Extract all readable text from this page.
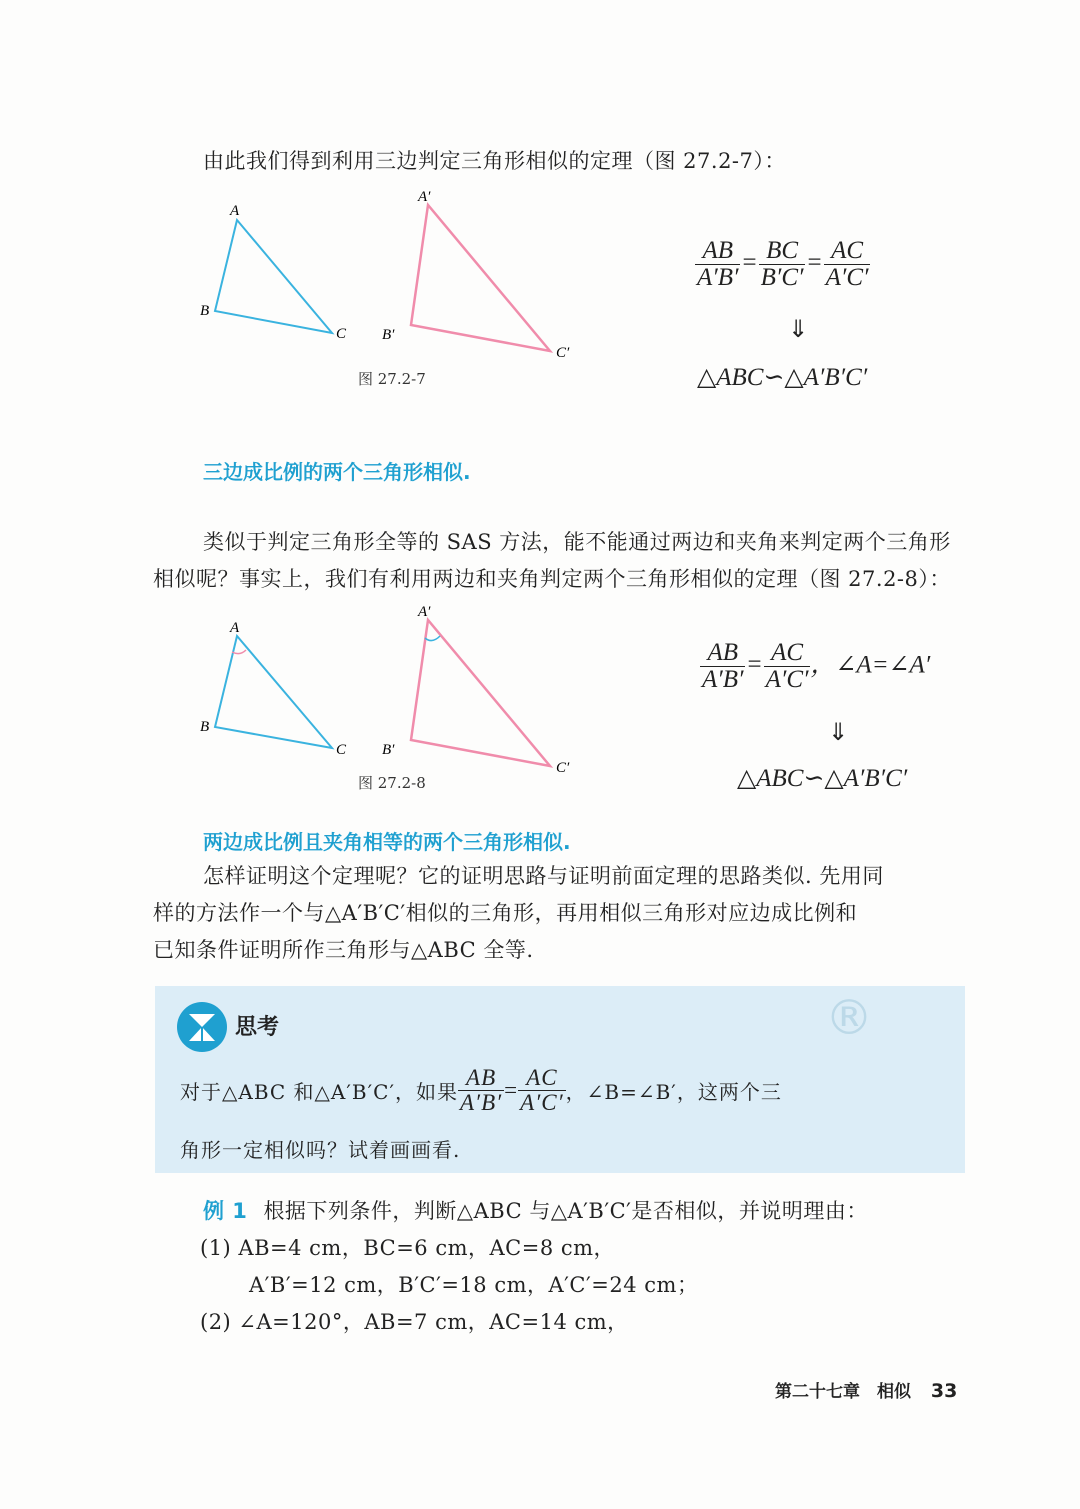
由此我们得到利用三边判定三角形相似的定理（图 27.2-7）：
A
B
C
A′
B′
C′
图 27.2-7
$\frac{AB}{A'B'} = \frac{BC}{B'C'} = \frac{AC}{A'C'}$
⇓
△ABC∽△A′B′C′
三边成比例的两个三角形相似.
类似于判定三角形全等的 SAS 方法，能不能通过两边和夹角来判定两个三角形
相似呢？事实上，我们有利用两边和夹角判定两个三角形相似的定理（图 27.2-8）：
A
B
C
A′
B′
C′
图 27.2-8
$\frac{AB}{A'B'} = \frac{AC}{A'C'}$ ，∠A=∠A′
⇓
△ABC∽△A′B′C′
两边成比例且夹角相等的两个三角形相似.
怎样证明这个定理呢？它的证明思路与证明前面定理的思路类似. 先用同
样的方法作一个与△A′B′C′相似的三角形，再用相似三角形对应边成比例和
已知条件证明所作三角形与△ABC 全等.
®
思考
对于△ABC 和△A′B′C′，如果 $\frac{AB}{A'B'} = \frac{AC}{A'C'}$ ，∠B=∠B′，这两个三
角形一定相似吗？试着画画看.
例 1 根据下列条件，判断△ABC 与△A′B′C′是否相似，并说明理由：
(1) AB=4 cm，BC=6 cm，AC=8 cm，
A′B′=12 cm，B′C′=18 cm，A′C′=24 cm；
(2) ∠A=120°，AB=7 cm，AC=14 cm，
第二十七章　相似 33
